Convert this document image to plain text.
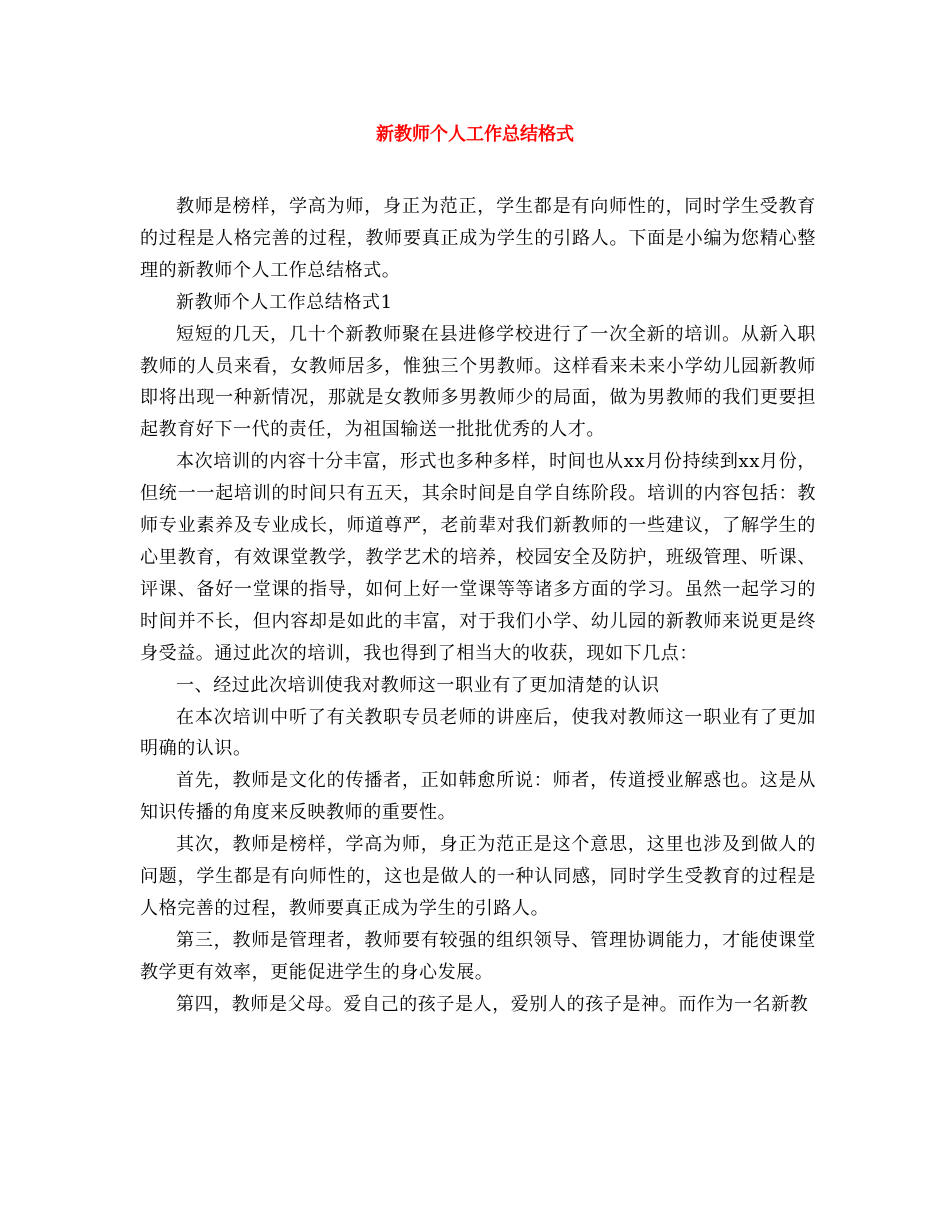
新教师个人工作总结格式

教师是榜样，学高为师，身正为范正，学生都是有向师性的，同时学生受教育的过程是人格完善的过程，教师要真正成为学生的引路人。下面是小编为您精心整理的新教师个人工作总结格式。

新教师个人工作总结格式1

短短的几天，几十个新教师聚在县进修学校进行了一次全新的培训。从新入职教师的人员来看，女教师居多，惟独三个男教师。这样看来未来小学幼儿园新教师即将出现一种新情况，那就是女教师多男教师少的局面，做为男教师的我们更要担起教育好下一代的责任，为祖国输送一批批优秀的人才。

本次培训的内容十分丰富，形式也多种多样，时间也从xx月份持续到xx月份，但统一一起培训的时间只有五天，其余时间是自学自练阶段。培训的内容包括：教师专业素养及专业成长，师道尊严，老前辈对我们新教师的一些建议，了解学生的心里教育，有效课堂教学，教学艺术的培养，校园安全及防护，班级管理、听课、评课、备好一堂课的指导，如何上好一堂课等等诸多方面的学习。虽然一起学习的时间并不长，但内容却是如此的丰富，对于我们小学、幼儿园的新教师来说更是终身受益。通过此次的培训，我也得到了相当大的收获，现如下几点：

一、经过此次培训使我对教师这一职业有了更加清楚的认识

在本次培训中听了有关教职专员老师的讲座后，使我对教师这一职业有了更加明确的认识。

首先，教师是文化的传播者，正如韩愈所说：师者，传道授业解惑也。这是从知识传播的角度来反映教师的重要性。

其次，教师是榜样，学高为师，身正为范正是这个意思，这里也涉及到做人的问题，学生都是有向师性的，这也是做人的一种认同感，同时学生受教育的过程是人格完善的过程，教师要真正成为学生的引路人。

第三，教师是管理者，教师要有较强的组织领导、管理协调能力，才能使课堂教学更有效率，更能促进学生的身心发展。

第四，教师是父母。爱自己的孩子是人，爱别人的孩子是神。而作为一名新教
